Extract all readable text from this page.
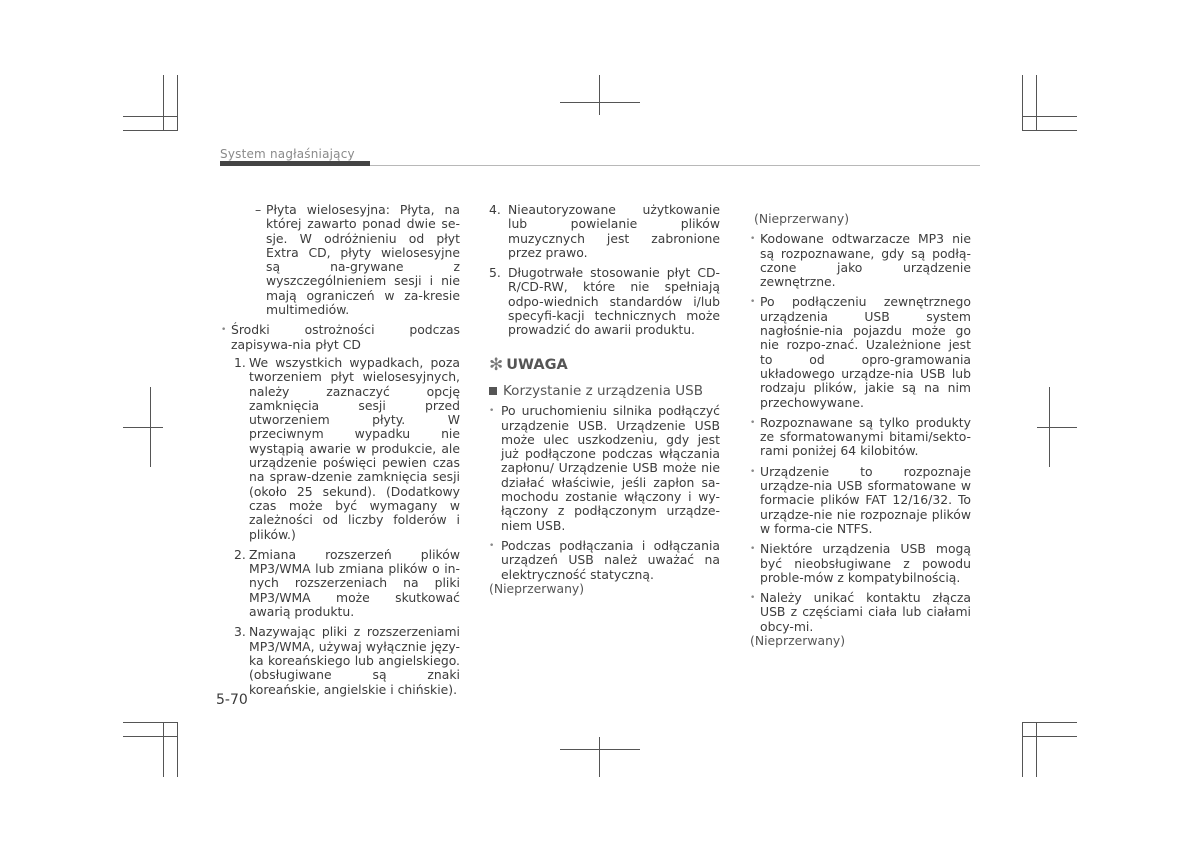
System nagłaśniający
– Płyta wielosesyjna: Płyta, na której zawarto ponad dwie se-sje. W odróżnieniu od płyt Extra CD, płyty wielosesyjne są na-grywane z wyszczególnieniem sesji i nie mają ograniczeń w za-kresie multimediów.
• Środki ostrożności podczas zapisywa-nia płyt CD
1. We wszystkich wypadkach, poza tworzeniem płyt wielosesyjnych, należy zaznaczyć opcję zamknięcia sesji przed utworzeniem płyty. W przeciwnym wypadku nie wystąpią awarie w produkcie, ale urządzenie poświęci pewien czas na spraw-dzenie zamknięcia sesji (około 25 sekund). (Dodatkowy czas może być wymagany w zależności od liczby folderów i plików.)
2. Zmiana rozszerzeń plików MP3/WMA lub zmiana plików o in-nych rozszerzeniach na pliki MP3/WMA może skutkować awarią produktu.
3. Nazywając pliki z rozszerzeniami MP3/WMA, używaj wyłącznie języ-ka koreańskiego lub angielskiego. (obsługiwane są znaki koreańskie, angielskie i chińskie).
4. Nieautoryzowane użytkowanie lub powielanie plików muzycznych jest zabronione przez prawo.
5. Długotrwałe stosowanie płyt CD-R/CD-RW, które nie spełniają odpo-wiednich standardów i/lub specyfi-kacji technicznych może prowadzić do awarii produktu.
✻ UWAGA
Korzystanie z urządzenia USB
• Po uruchomieniu silnika podłączyć urządzenie USB. Urządzenie USB może ulec uszkodzeniu, gdy jest już podłączone podczas włączania zapłonu/ Urządzenie USB może nie działać właściwie, jeśli zapłon sa-mochodu zostanie włączony i wy-łączony z podłączonym urządze-niem USB.
• Podczas podłączania i odłączania urządzeń USB należ uważać na elektryczność statyczną.

(Nieprzerwany)

(Nieprzerwany)

• Kodowane odtwarzacze MP3 nie są rozpoznawane, gdy są podłą-czone jako urządzenie zewnętrzne.
• Po podłączeniu zewnętrznego urządzenia USB system nagłośnie-nia pojazdu może go nie rozpo-znać. Uzależnione jest to od opro-gramowania układowego urządze-nia USB lub rodzaju plików, jakie są na nim przechowywane.
• Rozpoznawane są tylko produkty ze sformatowanymi bitami/sekto-rami poniżej 64 kilobitów.
• Urządzenie to rozpoznaje urządze-nia USB sformatowane w formacie plików FAT 12/16/32. To urządze-nie nie rozpoznaje plików w forma-cie NTFS.
• Niektóre urządzenia USB mogą być nieobsługiwane z powodu proble-mów z kompatybilnością.
• Należy unikać kontaktu złącza USB z częściami ciała lub ciałami obcy-mi.

(Nieprzerwany)

5-70
